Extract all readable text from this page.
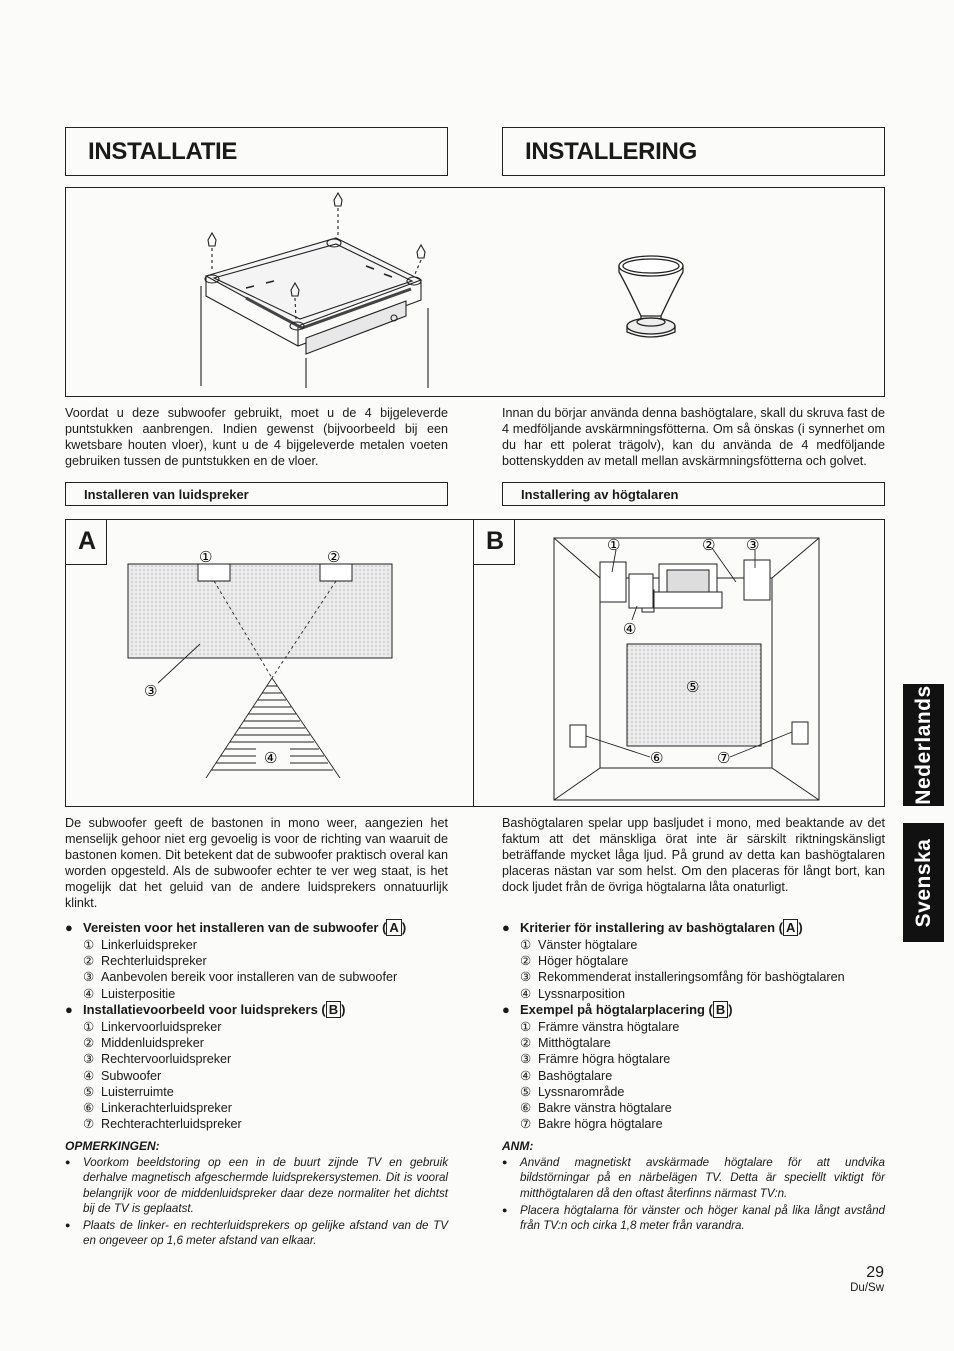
INSTALLATIE	INSTALLERING
Voordat u deze subwoofer gebruikt, moet u de 4 bijgeleverde puntstukken aanbrengen. Indien gewenst (bijvoorbeeld bij een kwetsbare houten vloer), kunt u de 4 bijgeleverde metalen voeten gebruiken tussen de puntstukken en de vloer.
Innan du börjar använda denna bashögtalare, skall du skruva fast de 4 medföljande avskärmningsfötterna. Om så önskas (i synnerhet om du har ett polerat trägolv), kan du använda de 4 medföljande bottenskydden av metall mellan avskärmningsfötterna och golvet.
Installeren van luidspreker	Installering av högtalaren
A	B
①	②
③
④
①	② ③
④
⑤
⑥	⑦
De subwoofer geeft de bastonen in mono weer, aangezien het menselijk gehoor niet erg gevoelig is voor de richting van waaruit de bastonen komen. Dit betekent dat de subwoofer praktisch overal kan worden opgesteld. Als de subwoofer echter te ver weg staat, is het mogelijk dat het geluid van de andere luidsprekers onnatuurlijk klinkt.
Bashögtalaren spelar upp basljudet i mono, med beaktande av det faktum att det mänskliga örat inte är särskilt riktningskänsligt beträffande mycket låga ljud. På grund av detta kan bashögtalaren placeras nästan var som helst. Om den placeras för långt bort, kan dock ljudet från de övriga högtalarna låta onaturligt.
● Vereisten voor het installeren van de subwoofer ( A )
① Linkerluidspreker
② Rechterluidspreker
③ Aanbevolen bereik voor installeren van de subwoofer
④ Luisterpositie
● Installatievoorbeeld voor luidsprekers ( B )
① Linkervoorluidspreker
② Middenluidspreker
③ Rechtervoorluidspreker
④ Subwoofer
⑤ Luisterruimte
⑥ Linkerachterluidspreker
⑦ Rechterachterluidspreker
OPMERKINGEN:
● Voorkom beeldstoring op een in de buurt zijnde TV en gebruik derhalve magnetisch afgeschermde luidsprekersystemen. Dit is vooral belangrijk voor de middenluidspreker daar deze normaliter het dichtst bij de TV is geplaatst.
● Plaats de linker- en rechterluidsprekers op gelijke afstand van de TV en ongeveer op 1,6 meter afstand van elkaar.
● Kriterier för installering av bashögtalaren ( A )
① Vänster högtalare
② Höger högtalare
③ Rekommenderat installeringsomfång för bashögtalaren
④ Lyssnarposition
● Exempel på högtalarplacering ( B )
① Främre vänstra högtalare
② Mitthögtalare
③ Främre högra högtalare
④ Bashögtalare
⑤ Lyssnarområde
⑥ Bakre vänstra högtalare
⑦ Bakre högra högtalare
ANM:
● Använd magnetiskt avskärmade högtalare för att undvika bildstörningar på en närbelägen TV. Detta är speciellt viktigt för mitthögtalaren då den oftast återfinns närmast TV:n.
● Placera högtalarna för vänster och höger kanal på lika långt avstånd från TV:n och cirka 1,8 meter från varandra.
Nederlands
Svenska
29
Du/Sw
